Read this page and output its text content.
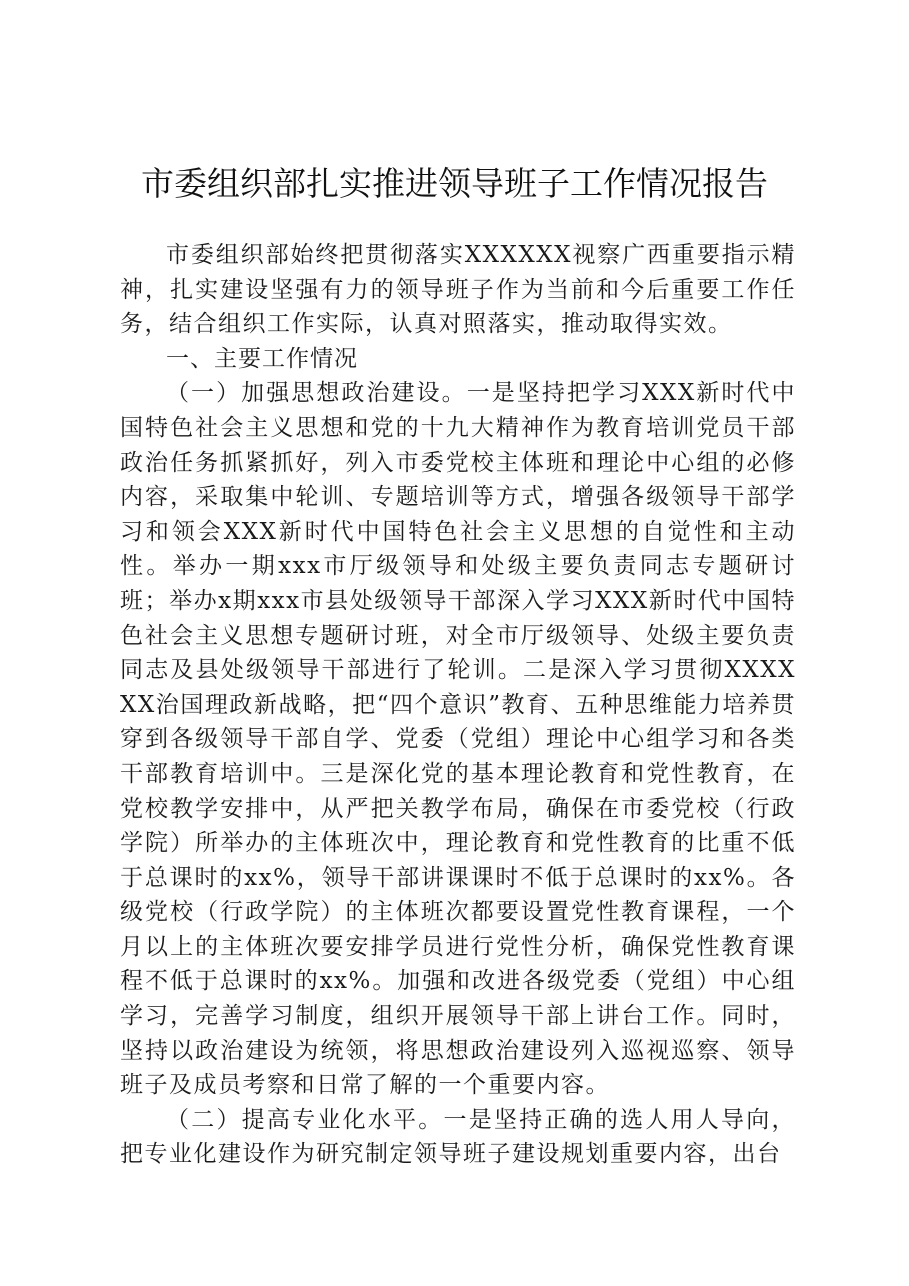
市委组织部扎实推进领导班子工作情况报告

市委组织部始终把贯彻落实XXXXXX视察广西重要指示精神，扎实建设坚强有力的领导班子作为当前和今后重要工作任务，结合组织工作实际，认真对照落实，推动取得实效。

一、主要工作情况

（一）加强思想政治建设。一是坚持把学习XXX新时代中国特色社会主义思想和党的十九大精神作为教育培训党员干部政治任务抓紧抓好，列入市委党校主体班和理论中心组的必修内容，采取集中轮训、专题培训等方式，增强各级领导干部学习和领会XXX新时代中国特色社会主义思想的自觉性和主动性。举办一期xxx市厅级领导和处级主要负责同志专题研讨班；举办x期xxx市县处级领导干部深入学习XXX新时代中国特色社会主义思想专题研讨班，对全市厅级领导、处级主要负责同志及县处级领导干部进行了轮训。二是深入学习贯彻XXXXXX治国理政新战略，把“四个意识”教育、五种思维能力培养贯穿到各级领导干部自学、党委（党组）理论中心组学习和各类干部教育培训中。三是深化党的基本理论教育和党性教育，在党校教学安排中，从严把关教学布局，确保在市委党校（行政学院）所举办的主体班次中，理论教育和党性教育的比重不低于总课时的xx%，领导干部讲课课时不低于总课时的xx%。各级党校（行政学院）的主体班次都要设置党性教育课程，一个月以上的主体班次要安排学员进行党性分析，确保党性教育课程不低于总课时的xx%。加强和改进各级党委（党组）中心组学习，完善学习制度，组织开展领导干部上讲台工作。同时，坚持以政治建设为统领，将思想政治建设列入巡视巡察、领导班子及成员考察和日常了解的一个重要内容。

（二）提高专业化水平。一是坚持正确的选人用人导向，把专业化建设作为研究制定领导班子建设规划重要内容，出台
